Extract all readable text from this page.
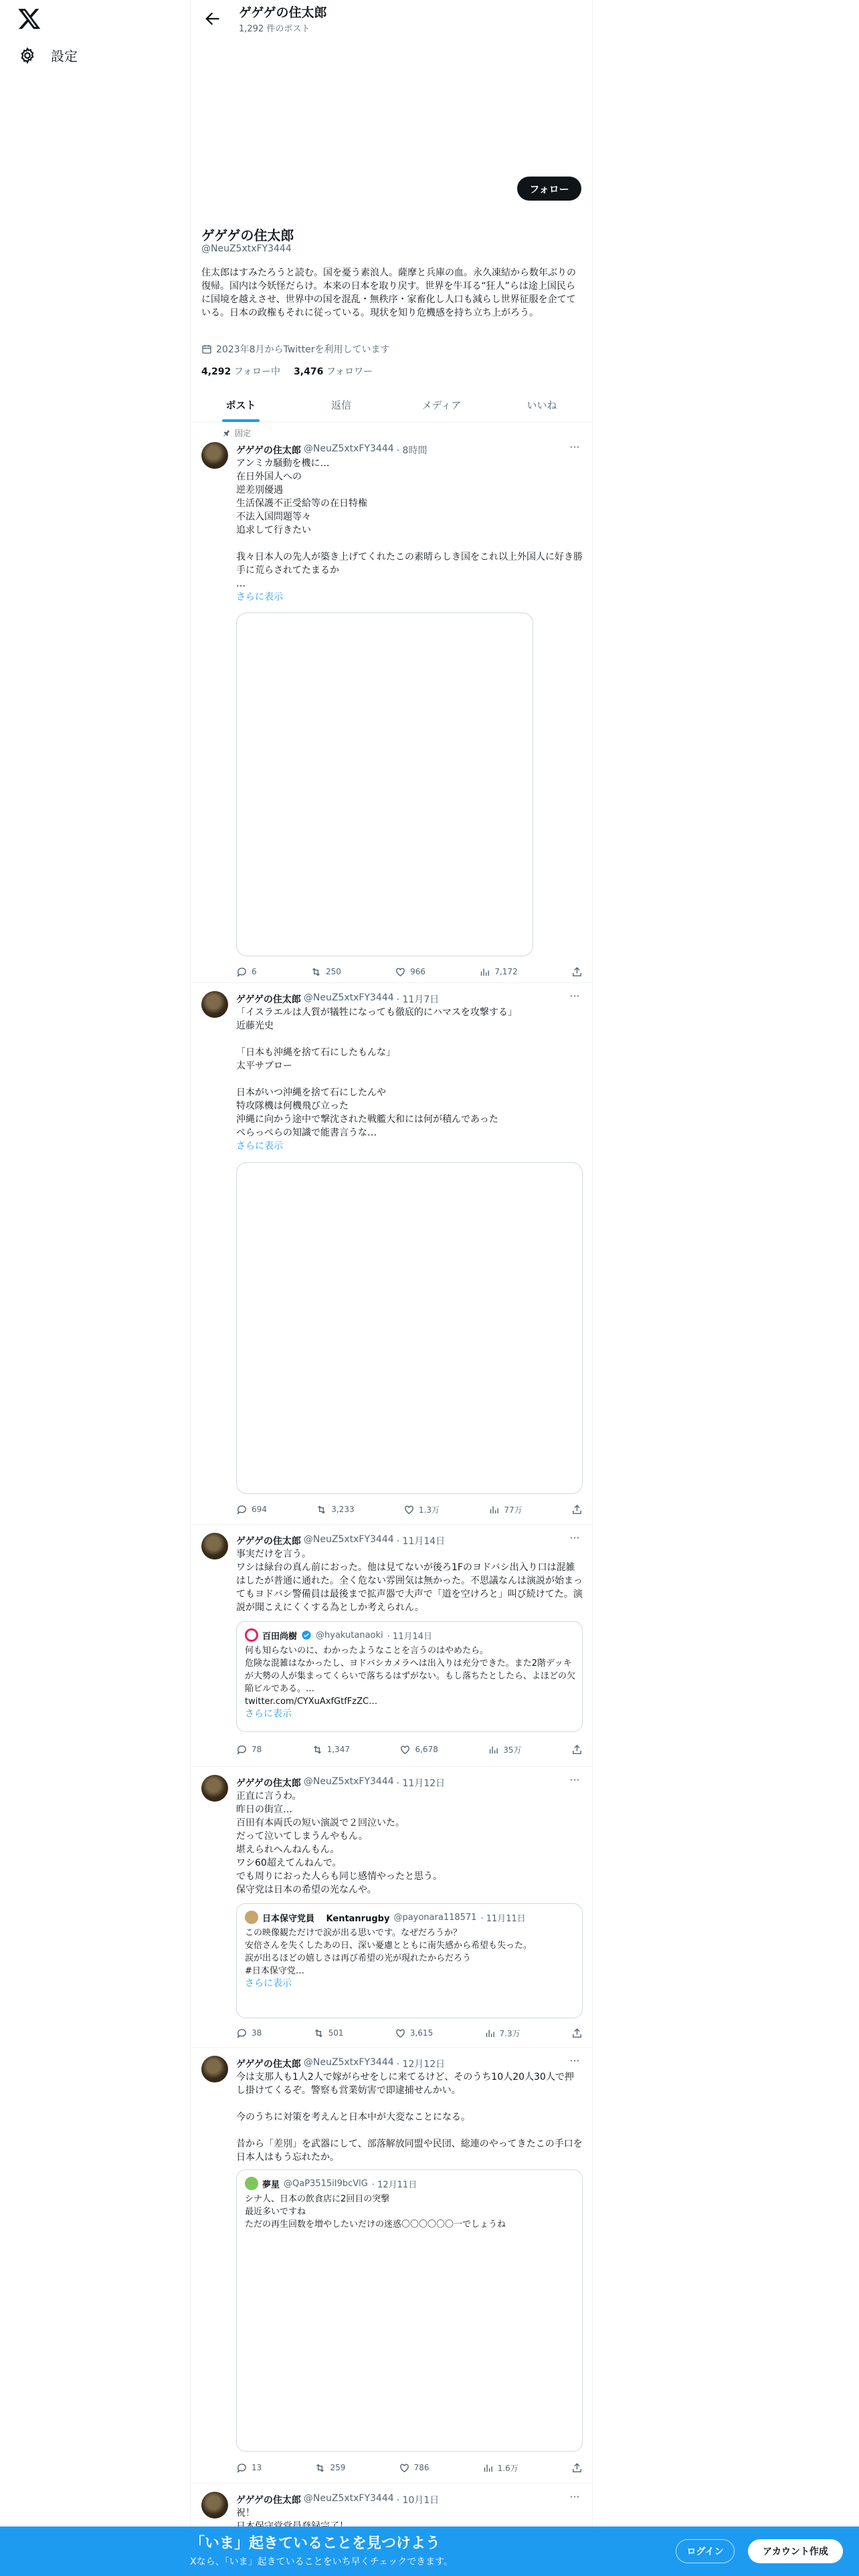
設定
ゲゲゲの住太郎
1,292 件のポスト
フォロー
ゲゲゲの住太郎
@NeuZ5xtxFY3444
住太郎はすみたろうと読む。国を憂う素浪人。薩摩と兵庫の血。永久凍結から数年ぶりの復帰。国内は今妖怪だらけ。本来の日本を取り戻す。世界を牛耳る“狂人”らは途上国民らに国境を越えさせ、世界中の国を混乱・無秩序・家畜化し人口も減らし世界征服を企てている。日本の政権もそれに従っている。現状を知り危機感を持ち立ち上がろう。
2023年8月からTwitterを利用しています
4,292 フォロー中 3,476 フォロワー
ポスト	返信	メディア	いいね
固定
ゲゲゲの住太郎 @NeuZ5xtxFY3444 · 8時間	···
アンミカ騒動を機に…
在日外国人への
逆差別優遇
生活保護不正受給等の在日特権
不法入国問題等々
追求して行きたい
我々日本人の先人が築き上げてくれたこの素晴らしき国をこれ以上外国人に好き勝手に荒らされてたまるか
…
さらに表示
6	250	966	7,172
ゲゲゲの住太郎 @NeuZ5xtxFY3444 · 11月7日	···
「イスラエルは人質が犠牲になっても徹底的にハマスを攻撃する」
近藤光史
「日本も沖縄を捨て石にしたもんな」
太平サブロー
日本がいつ沖縄を捨て石にしたんや
特攻隊機は何機飛び立った
沖縄に向かう途中で撃沈された戦艦大和には何が積んであった
ぺらっぺらの知識で能書言うな…
さらに表示
694	3,233	1.3万	77万
ゲゲゲの住太郎 @NeuZ5xtxFY3444 · 11月14日	···
事実だけを言う。
ワシは緑台の真ん前におった。他は見てないが後ろ1Fのヨドバシ出入り口は混雑はしたが普通に通れた。全く危ない雰囲気は無かった。不思議なんは演説が始まってもヨドバシ警備員は最後まで拡声器で大声で「道を空けろと」叫び続けてた。演説が聞こえにくくする為としか考えられん。
百田尚樹 @hyakutanaoki · 11月14日
何も知らないのに、わかったようなことを言うのはやめたら。
危険な混雑はなかったし、ヨドバシカメラへは出入りは充分できた。また2階デッキが大勢の人が集まってくらいで落ちるはずがない。もし落ちたとしたら、よほどの欠陥ビルである。…
twitter.com/CYXuAxfGtfFzZC…
さらに表示
78	1,347	6,678	35万
ゲゲゲの住太郎 @NeuZ5xtxFY3444 · 11月12日	···
正直に言うわ。
昨日の街宣…
百田有本両氏の短い演説で２回泣いた。
だって泣いてしまうんやもん。
堪えられへんねんもん。
ワシ60超えてんねんで。
でも周りにおった人らも同じ感情やったと思う。
保守党は日本の希望の光なんや。
日本保守党員　 Kentanrugby @payonara118571 · 11月11日
この映像観ただけで涙が出る思いです。なぜだろうか？
安倍さんを失くしたあの日、深い憂慮とともに南失感から希望も失った。
涙が出るほどの嬉しさは再び希望の光が現れたからだろう
#日本保守党…
さらに表示
38	501	3,615	7.3万
ゲゲゲの住太郎 @NeuZ5xtxFY3444 · 12月12日	···
今は支那人も1人2人で嫁がらせをしに来てるけど、そのうち10人20人30人で押し掛けてくるぞ。警察も営業妨害で即逮捕せんかい。
今のうちに対策を考えんと日本中が大変なことになる。
昔から「差別」を武器にして、部落解放同盟や民団、総連のやってきたこの手口を日本人はもう忘れたか。
夢星 @QaP3515iI9bcVlG · 12月11日
シナ人、日本の飲食店に2回目の突撃
最近多いですね
ただの再生回数を増やしたいだけの迷惑〇〇〇〇〇〇一でしょうね
13	259	786	1.6万
ゲゲゲの住太郎 @NeuZ5xtxFY3444 · 10月1日	···
祝！
「いま」起きていることを見つけよう
Xなら、「いま」起きていることをいち早くチェックできます。
ログイン	アカウント作成
